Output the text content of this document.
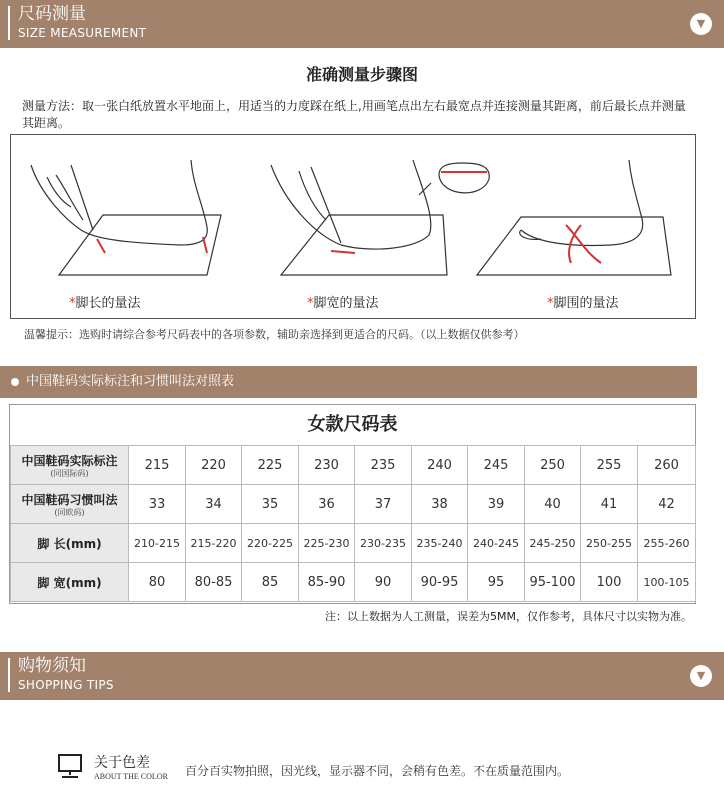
尺码测量
SIZE MEASUREMENT
▼
准确测量步骤图
测量方法：取一张白纸放置水平地面上，用适当的力度踩在纸上,用画笔点出左右最宽点并连接测量其距离，前后最长点并测量其距离。
*脚长的量法	*脚宽的量法	*脚围的量法
温馨提示：选购时请综合参考尺码表中的各项参数，辅助亲选择到更适合的尺码。（以上数据仅供参考）
中国鞋码实际标注和习惯叫法对照表
女款尺码表
中国鞋码实际标注
(同国际码)	215	220	225	230	235	240	245	250	255	260
中国鞋码习惯叫法
(同欧码)	33	34	35	36	37	38	39	40	41	42
脚 长(mm)	210-215	215-220	220-225	225-230	230-235	235-240	240-245	245-250	250-255	255-260
脚 宽(mm)	80	80-85	85	85-90	90	90-95	95	95-100	100	100-105
注：以上数据为人工测量，误差为5MM，仅作参考，具体尺寸以实物为准。
购物须知
SHOPPING TIPS
▼
关于色差
ABOUT THE COLOR 百分百实物拍照，因光线，显示器不同，会稍有色差。不在质量范围内。
